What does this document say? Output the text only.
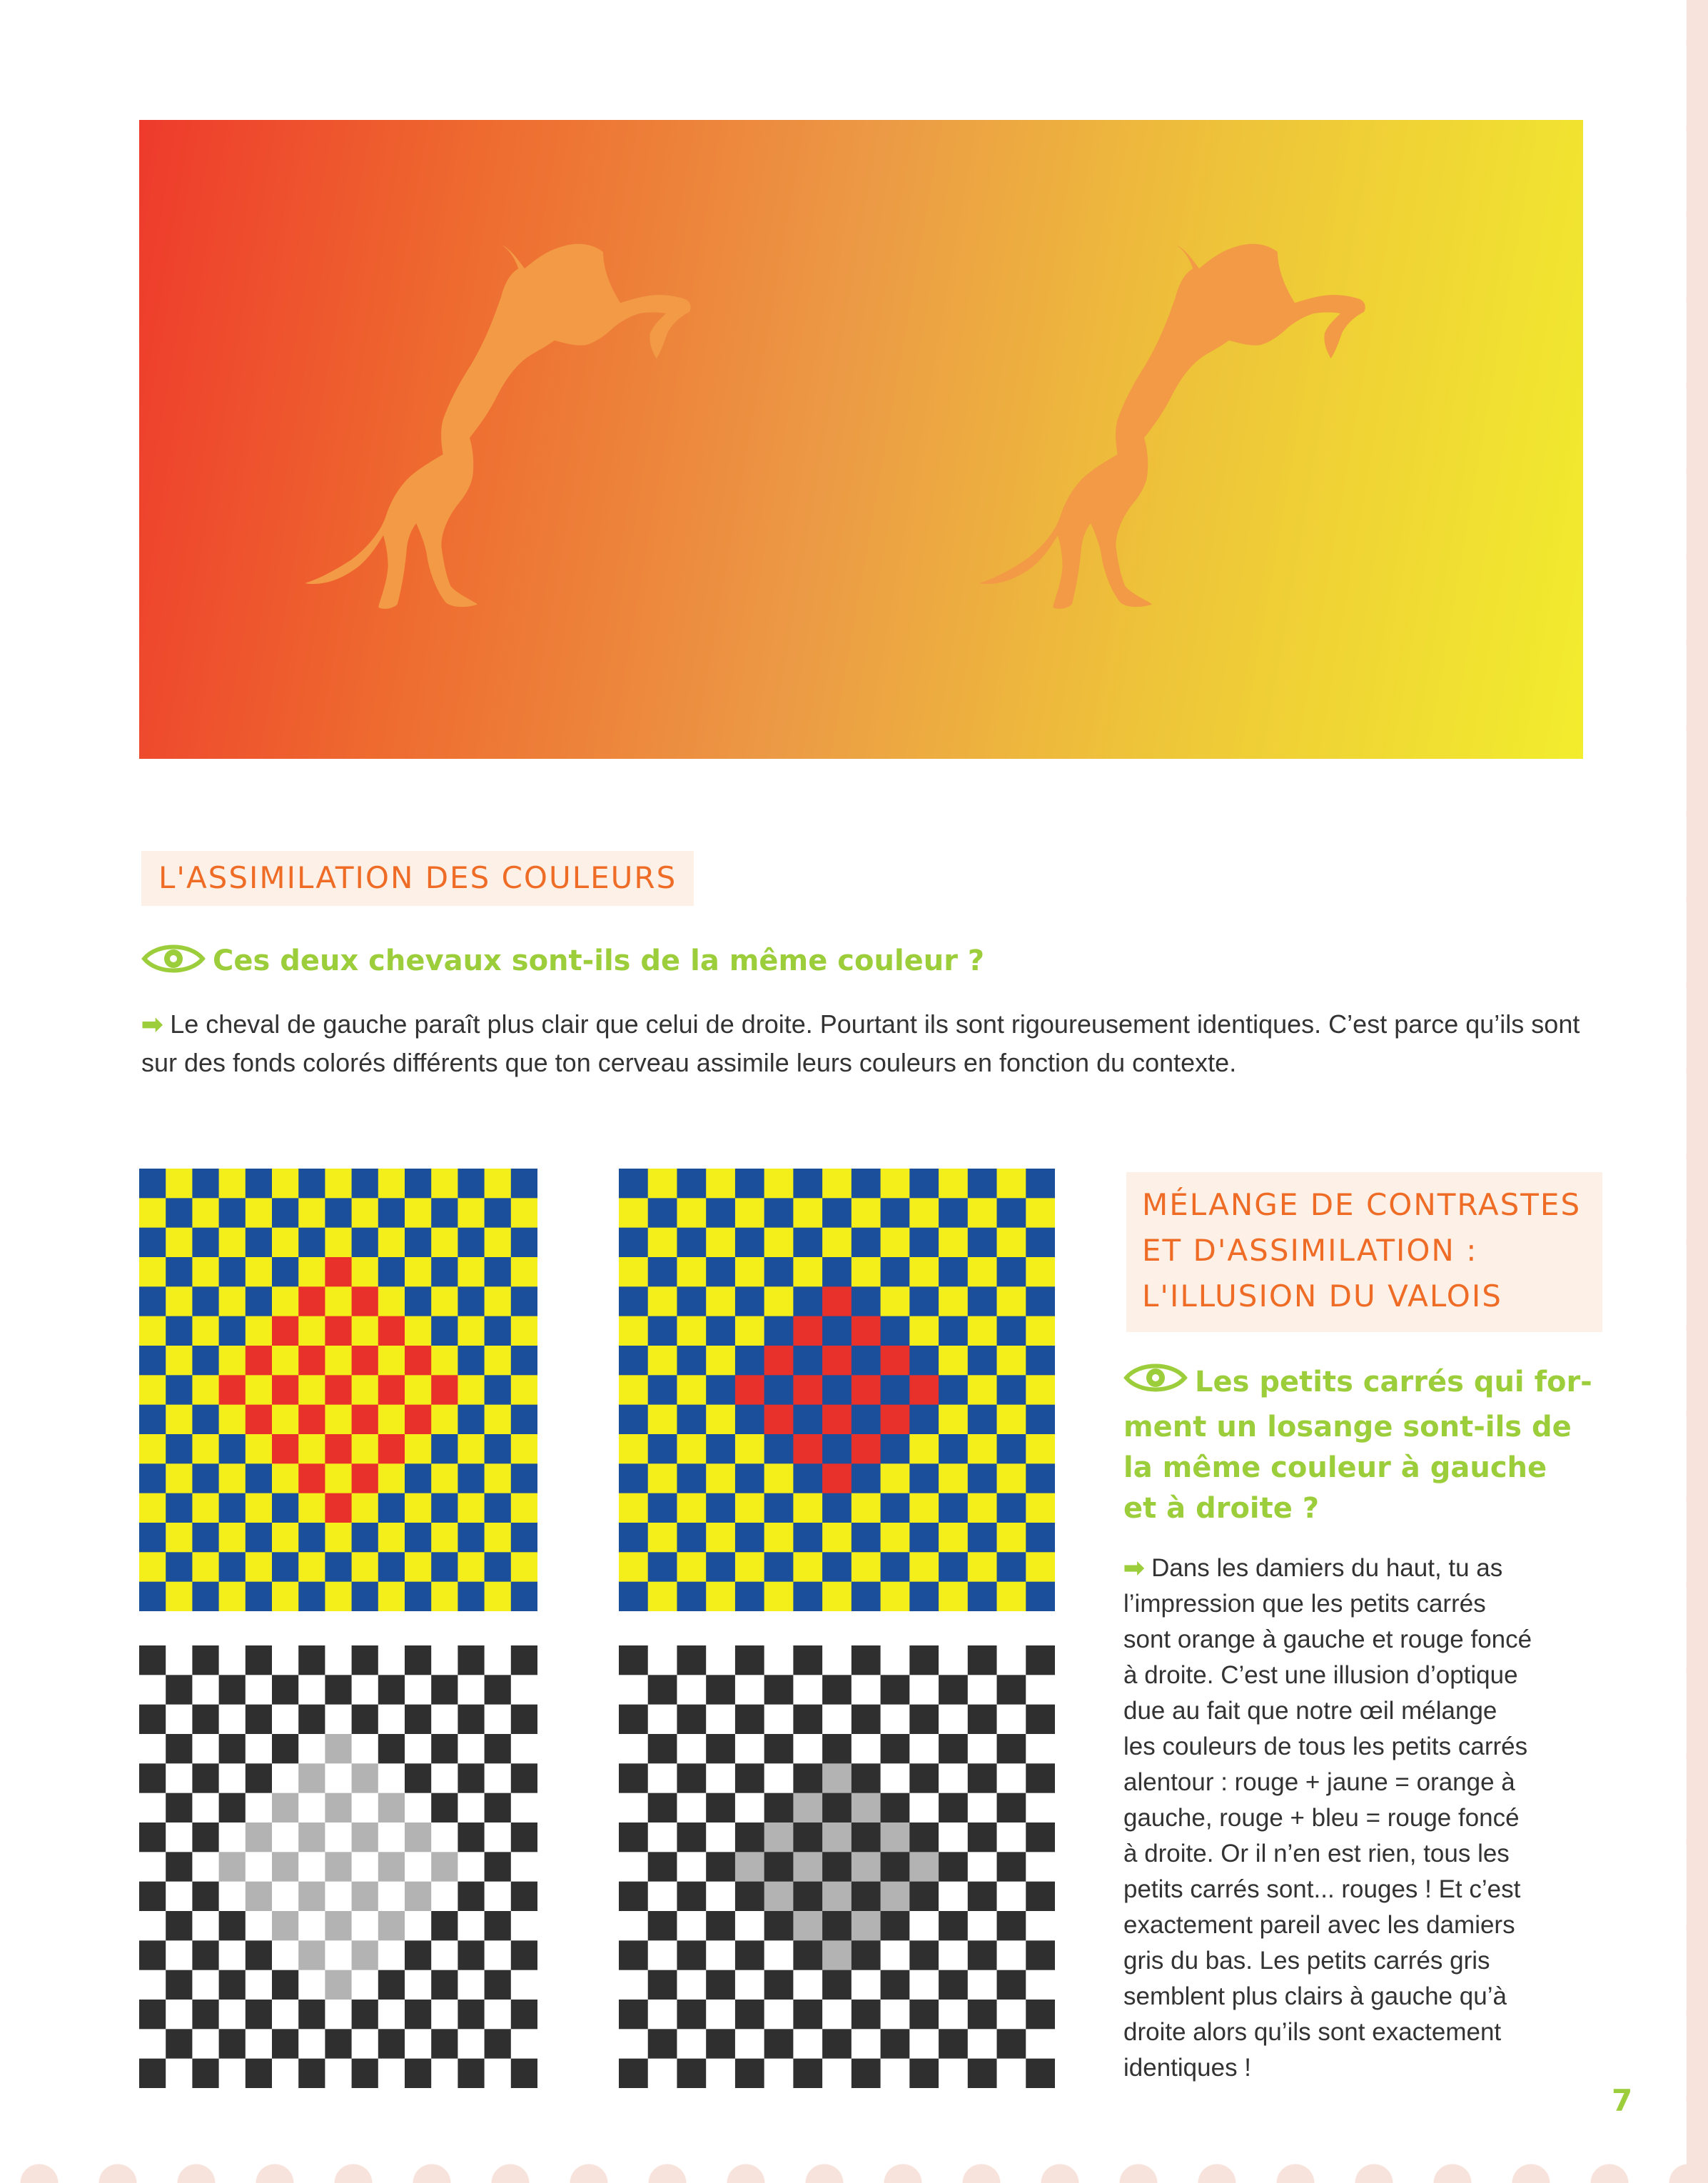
L'ASSIMILATION DES COULEURS
Ces deux chevaux sont-ils de la même couleur ?
➡ Le cheval de gauche paraît plus clair que celui de droite. Pourtant ils sont rigoureusement identiques. C’est parce qu’ils sont sur des fonds colorés différents que ton cerveau assimile leurs couleurs en fonction du contexte.
MÉLANGE DE CONTRASTES
ET D'ASSIMILATION :
L'ILLUSION DU VALOIS
Les petits carrés qui for-
ment un losange sont-ils de
la même couleur à gauche
et à droite ?
➡ Dans les damiers du haut, tu as
l’impression que les petits carrés
sont orange à gauche et rouge foncé
à droite. C’est une illusion d’optique
due au fait que notre œil mélange
les couleurs de tous les petits carrés
alentour : rouge + jaune = orange à
gauche, rouge + bleu = rouge foncé
à droite. Or il n’en est rien, tous les
petits carrés sont... rouges ! Et c’est
exactement pareil avec les damiers
gris du bas. Les petits carrés gris
semblent plus clairs à gauche qu’à
droite alors qu’ils sont exactement
identiques !
7
